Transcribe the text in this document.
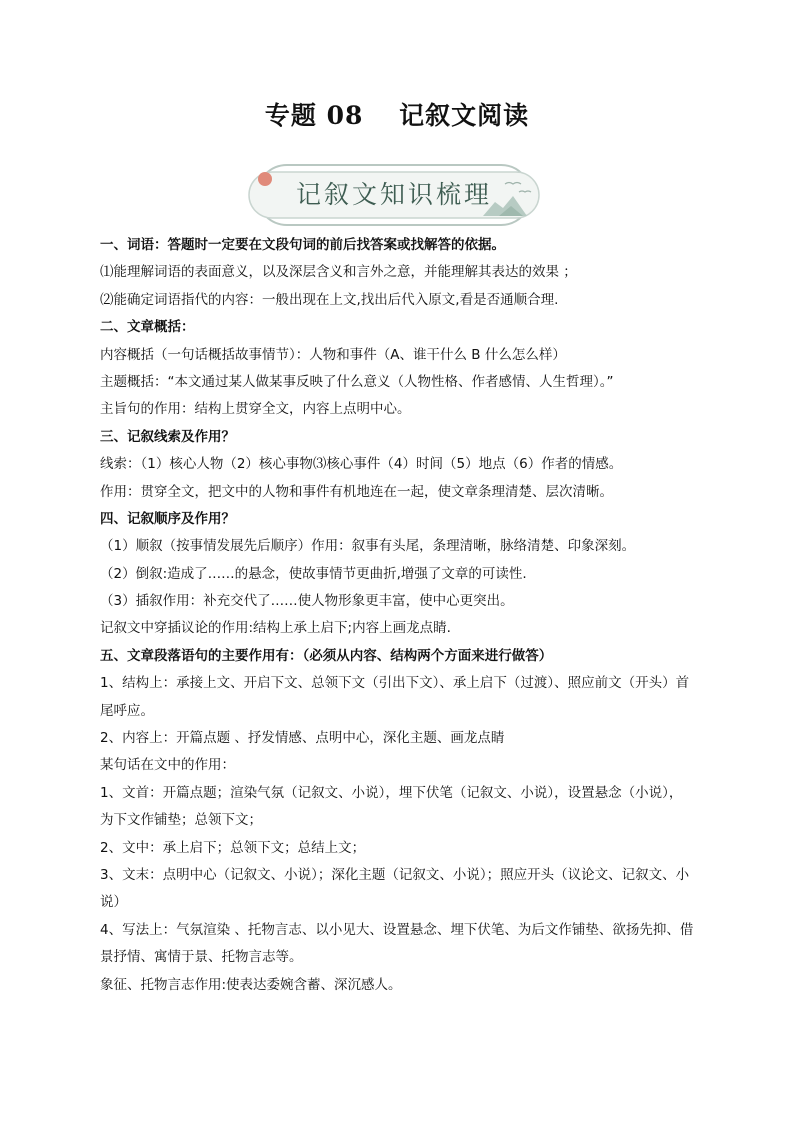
专题 08　 记叙文阅读
记叙文知识梳理
一、词语：答题时一定要在文段句词的前后找答案或找解答的依据。
⑴能理解词语的表面意义，以及深层含义和言外之意，并能理解其表达的效果 ；
⑵能确定词语指代的内容：一般出现在上文,找出后代入原文,看是否通顺合理.
二、文章概括：
内容概括（一句话概括故事情节）：人物和事件（A、谁干什么 B 什么怎么样）
主题概括：“本文通过某人做某事反映了什么意义（人物性格、作者感情、人生哲理）。”
主旨句的作用：结构上贯穿全文，内容上点明中心。
三、记叙线索及作用？
线索：（1）核心人物（2）核心事物⑶核心事件（4）时间（5）地点（6）作者的情感。
作用：贯穿全文，把文中的人物和事件有机地连在一起，使文章条理清楚、层次清晰。
四、记叙顺序及作用？
（1）顺叙（按事情发展先后顺序）作用：叙事有头尾，条理清晰，脉络清楚、印象深刻。
（2）倒叙:造成了……的悬念，使故事情节更曲折,增强了文章的可读性.
（3）插叙作用：补充交代了……使人物形象更丰富，使中心更突出。
记叙文中穿插议论的作用:结构上承上启下;内容上画龙点睛.
五、文章段落语句的主要作用有：（必须从内容、结构两个方面来进行做答）
1、结构上：承接上文、开启下文、总领下文（引出下文）、承上启下（过渡）、照应前文（开头）首
尾呼应。
2、内容上：开篇点题 、抒发情感、点明中心，深化主题、画龙点睛
某句话在文中的作用：
1、文首：开篇点题；渲染气氛（记叙文、小说），埋下伏笔（记叙文、小说），设置悬念（小说），
为下文作铺垫；总领下文；
2、文中：承上启下；总领下文；总结上文；
3、文末：点明中心（记叙文、小说）；深化主题（记叙文、小说）；照应开头（议论文、记叙文、小
说）
4、写法上：气氛渲染 、托物言志、以小见大、设置悬念、埋下伏笔、为后文作铺垫、欲扬先抑、借
景抒情、寓情于景、托物言志等。
象征、托物言志作用:使表达委婉含蓄、深沉感人。
